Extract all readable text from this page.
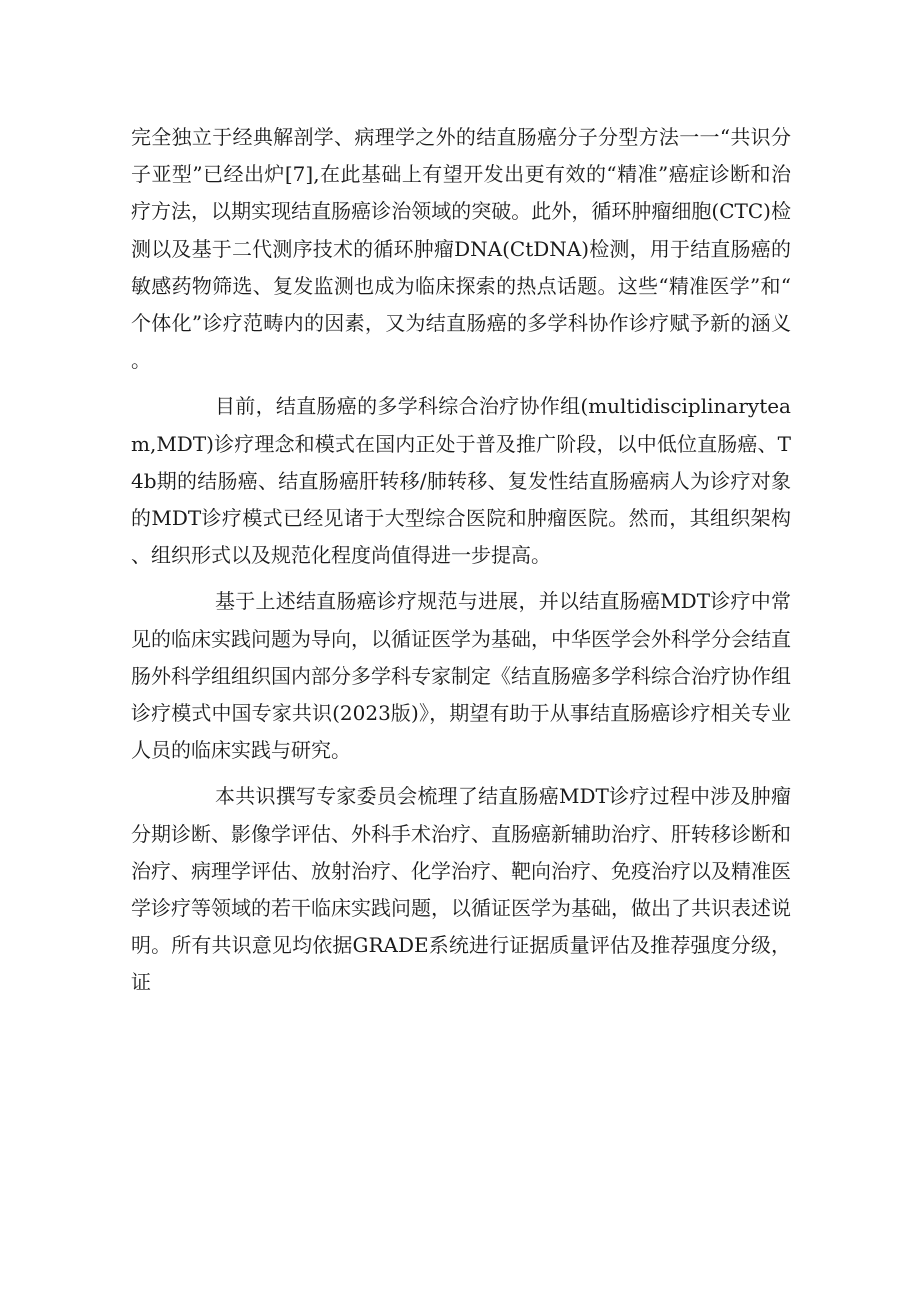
完全独立于经典解剖学、病理学之外的结直肠癌分子分型方法一一“共识分子亚型”已经出炉[7],在此基础上有望开发出更有效的“精准”癌症诊断和治疗方法，以期实现结直肠癌诊治领域的突破。此外，循环肿瘤细胞(CTC)检测以及基于二代测序技术的循环肿瘤DNA(CtDNA)检测，用于结直肠癌的敏感药物筛选、复发监测也成为临床探索的热点话题。这些“精准医学”和“个体化”诊疗范畴内的因素，又为结直肠癌的多学科协作诊疗赋予新的涵义。

目前，结直肠癌的多学科综合治疗协作组(multidisciplinaryteam,MDT)诊疗理念和模式在国内正处于普及推广阶段，以中低位直肠癌、T4b期的结肠癌、结直肠癌肝转移/肺转移、复发性结直肠癌病人为诊疗对象的MDT诊疗模式已经见诸于大型综合医院和肿瘤医院。然而，其组织架构、组织形式以及规范化程度尚值得进一步提高。

基于上述结直肠癌诊疗规范与进展，并以结直肠癌MDT诊疗中常见的临床实践问题为导向，以循证医学为基础，中华医学会外科学分会结直肠外科学组组织国内部分多学科专家制定《结直肠癌多学科综合治疗协作组诊疗模式中国专家共识(2023版)》，期望有助于从事结直肠癌诊疗相关专业人员的临床实践与研究。

本共识撰写专家委员会梳理了结直肠癌MDT诊疗过程中涉及肿瘤分期诊断、影像学评估、外科手术治疗、直肠癌新辅助治疗、肝转移诊断和治疗、病理学评估、放射治疗、化学治疗、靶向治疗、免疫治疗以及精准医学诊疗等领域的若干临床实践问题，以循证医学为基础，做出了共识表述说明。所有共识意见均依据GRADE系统进行证据质量评估及推荐强度分级，证
